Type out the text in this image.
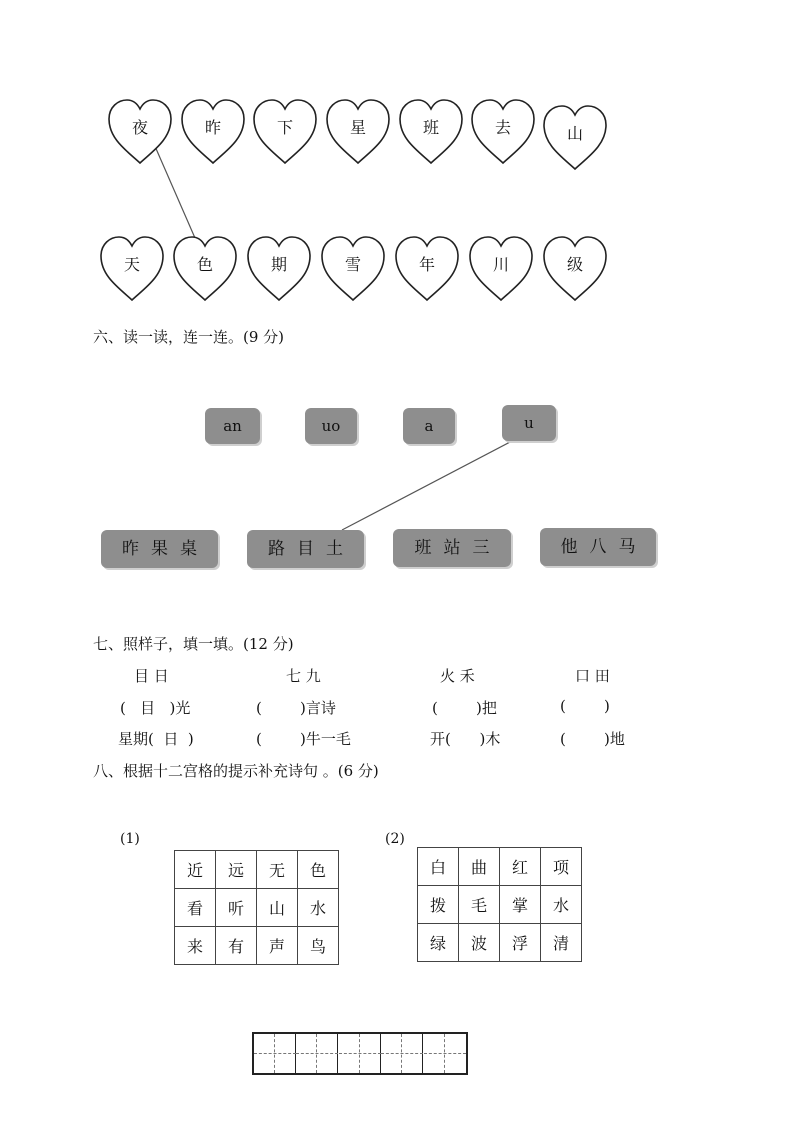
夜	昨	下	星	班	去	山
天	色	期	雪	年	川	级
六、读一读，连一连。(9 分)
an	uo	a	u
昨果桌	路目土	班站三	他八马
七、照样子，填一填。(12 分)
目 日	七 九	火 禾	口 田
(   目   )光	(        )言诗	(        )把	(        )
星期(  日  )	(        )牛一毛	开(      )木	(        )地
八、根据十二宫格的提示补充诗句 。(6 分)
(1)	(2)
近	远	无	色
看	听	山	水
来	有	声	鸟
白	曲	红	项
拨	毛	掌	水
绿	波	浮	清
